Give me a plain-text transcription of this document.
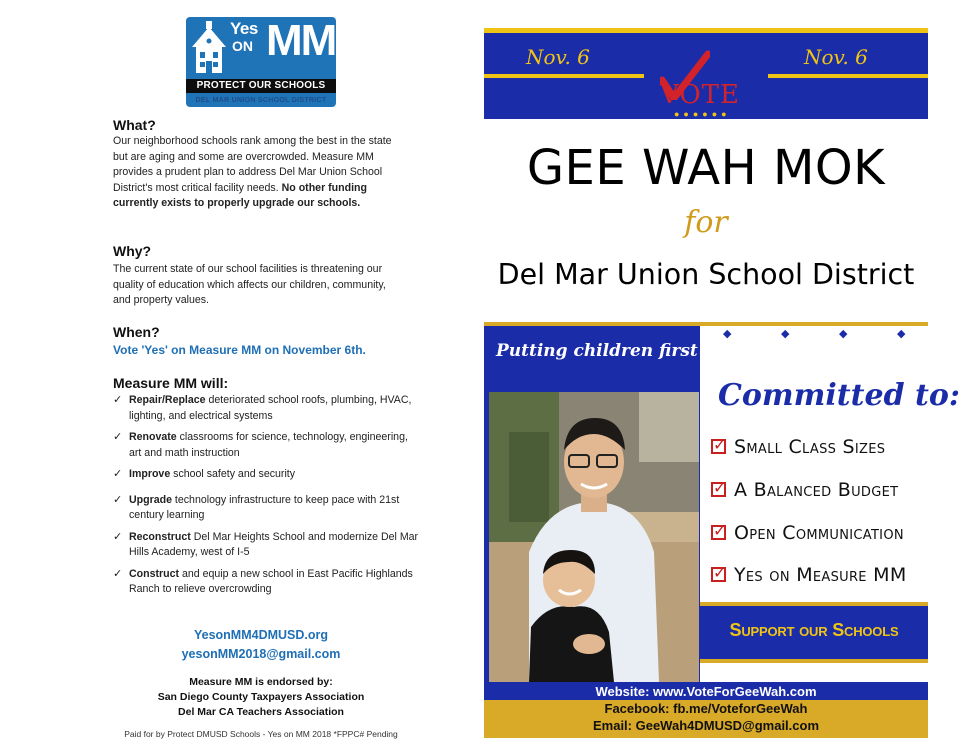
Yes
ON MM
PROTECT OUR SCHOOLS
DEL MAR UNION SCHOOL DISTRICT
What?
Our neighborhood schools rank among the best in the state but are aging and some are overcrowded. Measure MM provides a prudent plan to address Del Mar Union School District's most critical facility needs. No other funding currently exists to properly upgrade our schools.
Why?
The current state of our school facilities is threatening our quality of education which affects our children, community, and property values.
When?
Vote 'Yes' on Measure MM on November 6th.
Measure MM will:
✓ Repair/Replace deteriorated school roofs, plumbing, HVAC, lighting, and electrical systems
✓ Renovate classrooms for science, technology, engineering, art and math instruction
✓ Improve school safety and security
✓ Upgrade technology infrastructure to keep pace with 21st century learning
✓ Reconstruct Del Mar Heights School and modernize Del Mar Hills Academy, west of I-5
✓ Construct and equip a new school in East Pacific Highlands Ranch to relieve overcrowding
YesonMM4DMUSD.org
yesonMM2018@gmail.com
Measure MM is endorsed by:
San Diego County Taxpayers Association
Del Mar CA Teachers Association
Paid for by Protect DMUSD Schools - Yes on MM 2018 *FPPC# Pending
Nov. 6	Nov. 6
VOTE
●●●●●●
GEE WAH MOK
for
Del Mar Union School District
◆	◆	◆	◆
Putting children first
Committed to:
✓ Small Class Sizes
✓ A Balanced Budget
✓ Open Communication
✓ Yes on Measure MM
Support our Schools
Website: www.VoteForGeeWah.com
Facebook: fb.me/VoteforGeeWah
Email: GeeWah4DMUSD@gmail.com
